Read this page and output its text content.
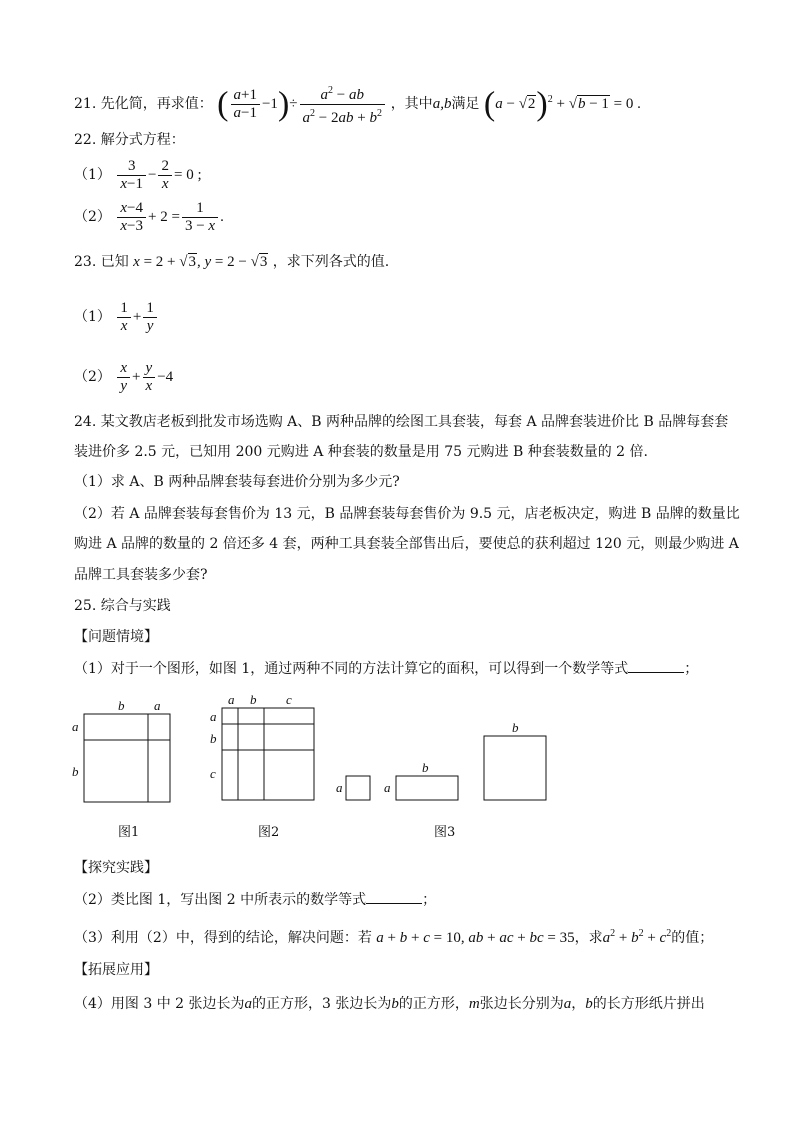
21. 先化简，再求值： ( $\frac{a+1}{a-1} -1)\div \frac{a^2 - ab}{a^2 - 2ab + b^2}$ ，其中a,b满足 $(a - √2)^2 + √b - 1 = 0$ .
22. 解分式方程：
$(1) \frac{3}{x-1} - \frac{2}{x} = 0$ ;
$(2) \frac{x-4}{x-3} + 2 = \frac{1}{3 - x}$ .
23. 已知 x = 2 + √3, y = 2 − √3 ，求下列各式的值.
$(1) \frac{1}{x} + \frac{1}{y}$
$(2) \frac{x}{y} + \frac{y}{x} -4$
24. 某文教店老板到批发市场选购 A、B 两种品牌的绘图工具套装，每套 A 品牌套装进价比 B 品牌每套套
装进价多 2.5 元，已知用 200 元购进 A 种套装的数量是用 75 元购进 B 种套装数量的 2 倍.
（1）求 A、B 两种品牌套装每套进价分别为多少元?
（2）若 A 品牌套装每套售价为 13 元，B 品牌套装每套售价为 9.5 元，店老板决定，购进 B 品牌的数量比
购进 A 品牌的数量的 2 倍还多 4 套，两种工具套装全部售出后，要使总的获利超过 120 元，则最少购进 A
品牌工具套装多少套?
25. 综合与实践
【问题情境】
（1）对于一个图形，如图 1，通过两种不同的方法计算它的面积，可以得到一个数学等式	；
b a
a
b
图1
a b c
a
b
c
图2
a	a
b
b
图3
【探究实践】
（2）类比图 1，写出图 2 中所表示的数学等式	；
（3）利用（2）中，得到的结论，解决问题：若 a + b + c = 10, ab + ac + bc = 35，求$a^2 + b^2 + c^2$的值；
【拓展应用】
（4）用图 3 中 2 张边长为a的正方形，3 张边长为b的正方形，m张边长分别为a，b的长方形纸片拼出
